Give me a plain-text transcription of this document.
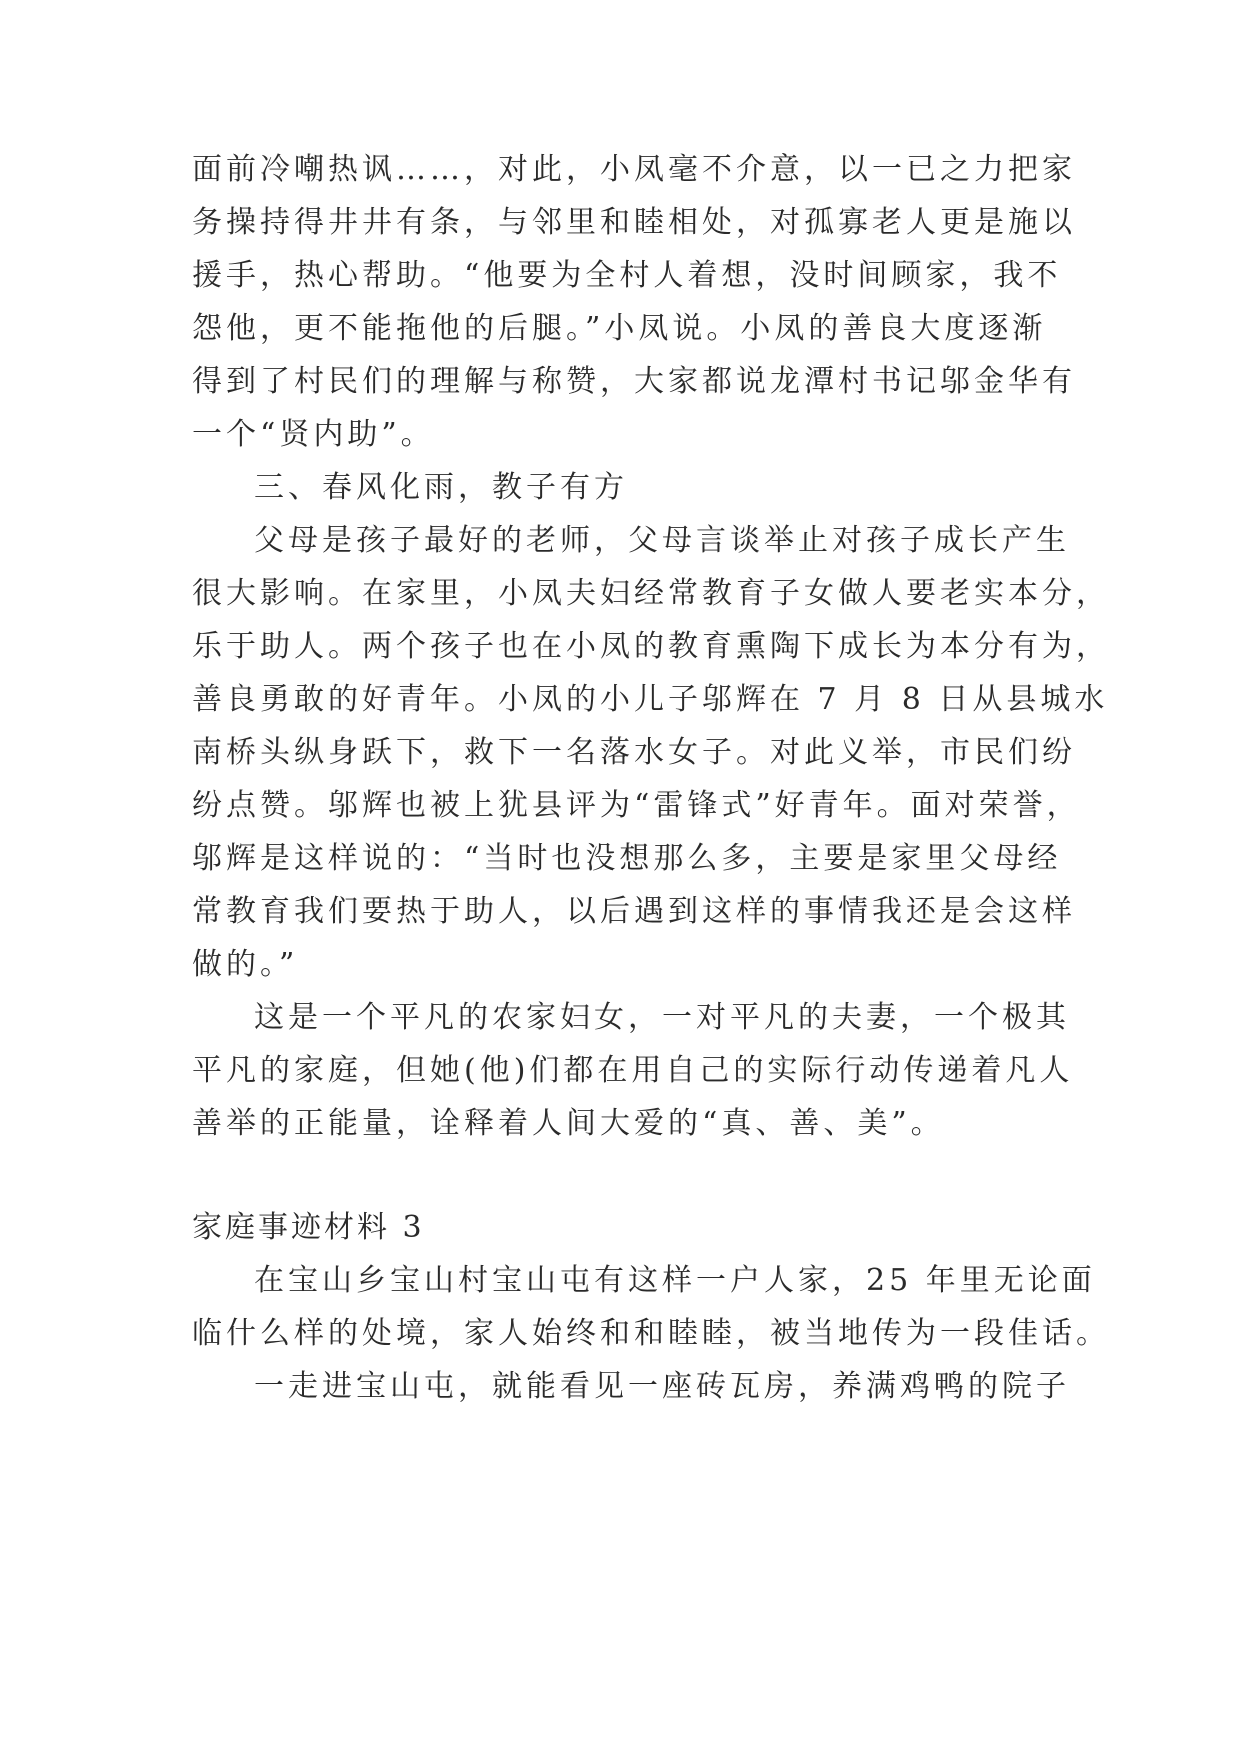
面前冷嘲热讽……，对此，小凤毫不介意，以一已之力把家
务操持得井井有条，与邻里和睦相处，对孤寡老人更是施以
援手，热心帮助。“他要为全村人着想，没时间顾家，我不
怨他，更不能拖他的后腿。”小凤说。小凤的善良大度逐渐
得到了村民们的理解与称赞，大家都说龙潭村书记邬金华有
一个“贤内助”。
三、春风化雨，教子有方
父母是孩子最好的老师，父母言谈举止对孩子成长产生
很大影响。在家里，小凤夫妇经常教育子女做人要老实本分，
乐于助人。两个孩子也在小凤的教育熏陶下成长为本分有为，
善良勇敢的好青年。小凤的小儿子邬辉在 7 月 8 日从县城水
南桥头纵身跃下，救下一名落水女子。对此义举，市民们纷
纷点赞。邬辉也被上犹县评为“雷锋式”好青年。面对荣誉，
邬辉是这样说的：“当时也没想那么多，主要是家里父母经
常教育我们要热于助人，以后遇到这样的事情我还是会这样
做的。”
这是一个平凡的农家妇女，一对平凡的夫妻，一个极其
平凡的家庭，但她(他)们都在用自己的实际行动传递着凡人
善举的正能量，诠释着人间大爱的“真、善、美”。
家庭事迹材料 3
在宝山乡宝山村宝山屯有这样一户人家，25 年里无论面
临什么样的处境，家人始终和和睦睦，被当地传为一段佳话。
一走进宝山屯，就能看见一座砖瓦房，养满鸡鸭的院子
